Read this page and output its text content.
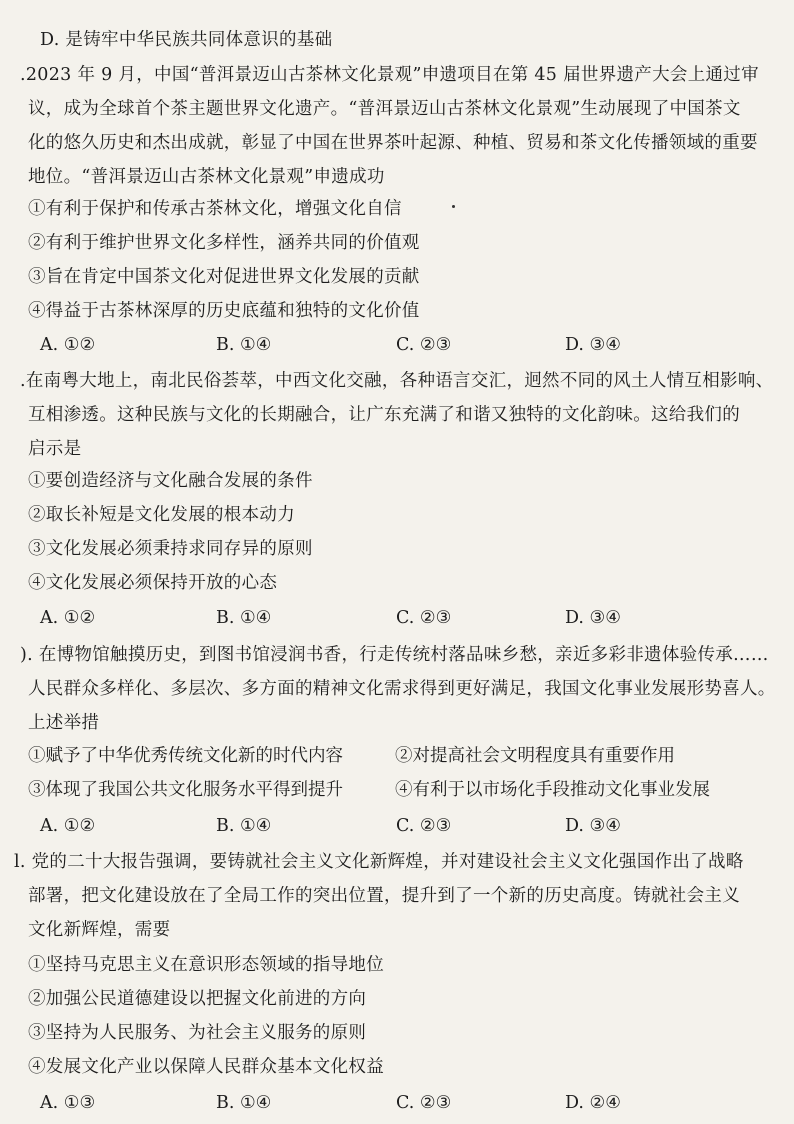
D. 是铸牢中华民族共同体意识的基础
.2023 年 9 月，中国“普洱景迈山古茶林文化景观”申遗项目在第 45 届世界遗产大会上通过审
议，成为全球首个茶主题世界文化遗产。“普洱景迈山古茶林文化景观”生动展现了中国茶文
化的悠久历史和杰出成就，彰显了中国在世界茶叶起源、种植、贸易和茶文化传播领域的重要
地位。“普洱景迈山古茶林文化景观”申遗成功
①有利于保护和传承古茶林文化，增强文化自信
②有利于维护世界文化多样性，涵养共同的价值观
③旨在肯定中国茶文化对促进世界文化发展的贡献
④得益于古茶林深厚的历史底蕴和独特的文化价值
A. ①②	B. ①④	C. ②③	D. ③④
.在南粤大地上，南北民俗荟萃，中西文化交融，各种语言交汇，迥然不同的风土人情互相影响、
互相渗透。这种民族与文化的长期融合，让广东充满了和谐又独特的文化韵味。这给我们的
启示是
①要创造经济与文化融合发展的条件
②取长补短是文化发展的根本动力
③文化发展必须秉持求同存异的原则
④文化发展必须保持开放的心态
A. ①②	B. ①④	C. ②③	D. ③④
). 在博物馆触摸历史，到图书馆浸润书香，行走传统村落品味乡愁，亲近多彩非遗体验传承……
人民群众多样化、多层次、多方面的精神文化需求得到更好满足，我国文化事业发展形势喜人。
上述举措
①赋予了中华优秀传统文化新的时代内容	②对提高社会文明程度具有重要作用
③体现了我国公共文化服务水平得到提升	④有利于以市场化手段推动文化事业发展
A. ①②	B. ①④	C. ②③	D. ③④
l. 党的二十大报告强调，要铸就社会主义文化新辉煌，并对建设社会主义文化强国作出了战略
部署，把文化建设放在了全局工作的突出位置，提升到了一个新的历史高度。铸就社会主义
文化新辉煌，需要
①坚持马克思主义在意识形态领域的指导地位
②加强公民道德建设以把握文化前进的方向
③坚持为人民服务、为社会主义服务的原则
④发展文化产业以保障人民群众基本文化权益
A. ①③	B. ①④	C. ②③	D. ②④
